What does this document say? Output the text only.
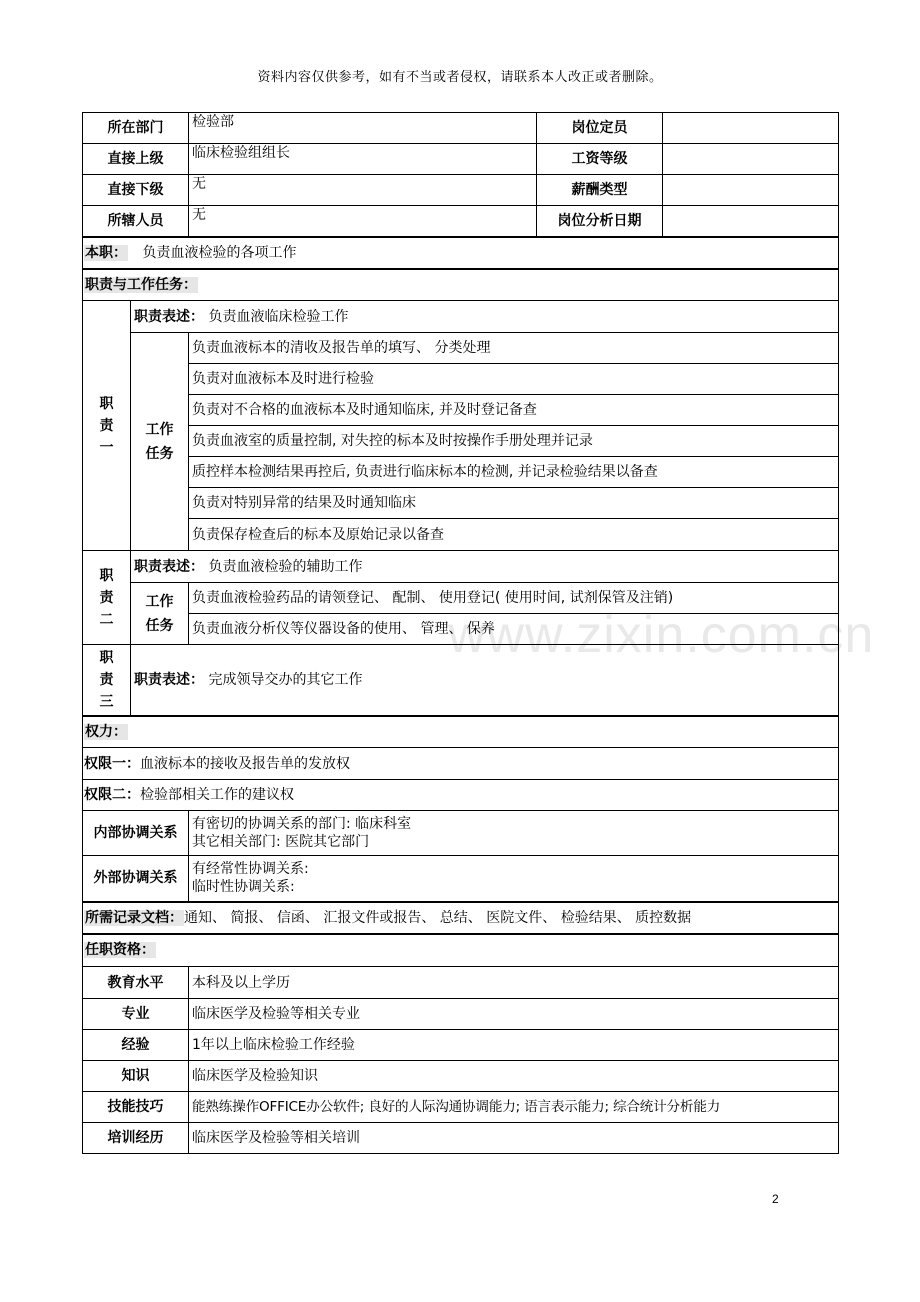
资料内容仅供参考，如有不当或者侵权，请联系本人改正或者删除。
www.zixin.com.cn
所在部门		检验部	岗位定员	
直接上级		临床检验组组长	工资等级	
直接下级		无	薪酬类型	
所辖人员		无	岗位分析日期	
本职： 负责血液检验的各项工作				
职责与工作任务：				
职
责
一	职责表述： 负责血液临床检验工作			
	工作
任务	负责血液标本的清收及报告单的填写、 分类处理		
		负责对血液标本及时进行检验		
		负责对不合格的血液标本及时通知临床, 并及时登记备查		
		负责血液室的质量控制, 对失控的标本及时按操作手册处理并记录		
		质控样本检测结果再控后, 负责进行临床标本的检测, 并记录检验结果以备查		
		负责对特别异常的结果及时通知临床		
		负责保存检查后的标本及原始记录以备查		
职
责
二	职责表述： 负责血液检验的辅助工作			
	工作
任务	负责血液检验药品的请领登记、 配制、 使用登记( 使用时间, 试剂保管及注销)		
		负责血液分析仪等仪器设备的使用、 管理、 保养		
职
责
三	职责表述： 完成领导交办的其它工作			
权力：				
权限一：血液标本的接收及报告单的发放权				
权限二：检验部相关工作的建议权				
内部协调关系		有密切的协调关系的部门: 临床科室
其它相关部门: 医院其它部门		

外部协调关系		有经常性协调关系:
临时性协调关系:		

所需记录文档：通知、 简报、 信函、 汇报文件或报告、 总结、 医院文件、 检验结果、 质控数据				
任职资格：				
教育水平		本科及以上学历		
专业		临床医学及检验等相关专业		
经验		1年以上临床检验工作经验		
知识		临床医学及检验知识		
技能技巧		能熟练操作OFFICE办公软件; 良好的人际沟通协调能力; 语言表示能力; 综合统计分析能力		
培训经历		临床医学及检验等相关培训		
2
